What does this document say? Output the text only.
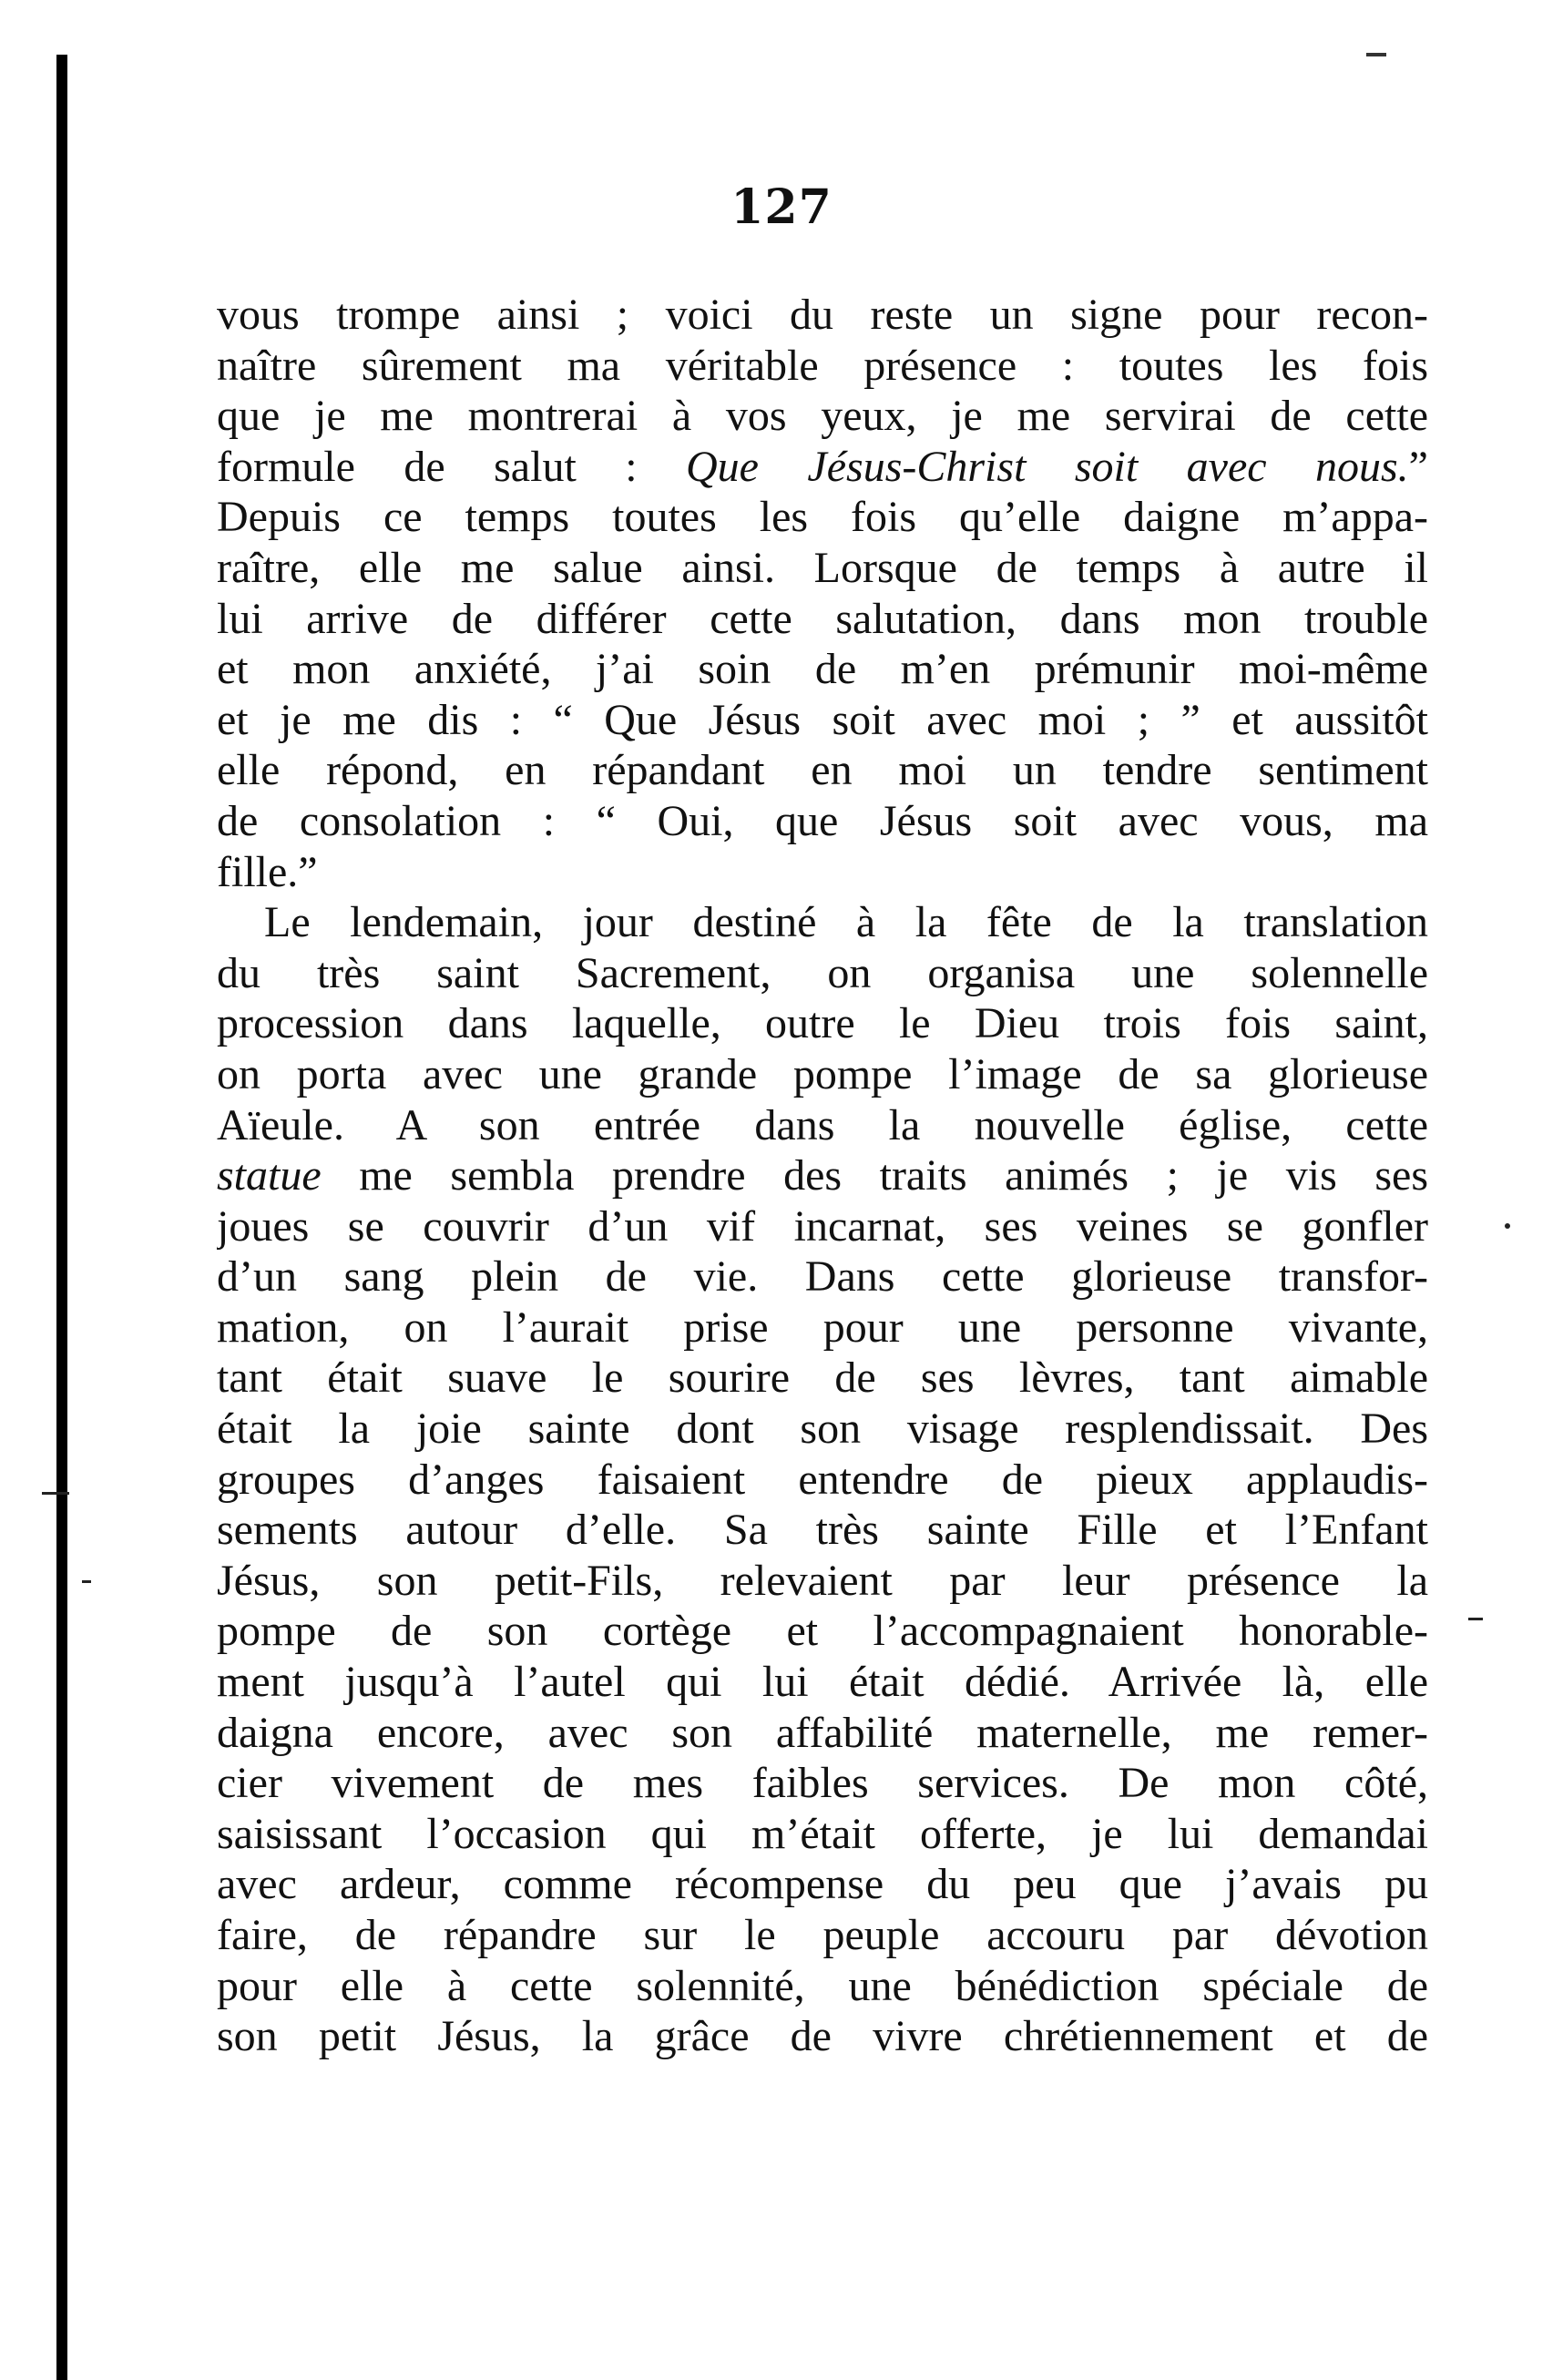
127
vous trompe ainsi ; voici du reste un signe pour recon-
naître sûrement ma véritable présence : toutes les fois
que je me montrerai à vos yeux, je me servirai de cette
formule de salut : Que Jésus-Christ soit avec nous.”
Depuis ce temps toutes les fois qu’elle daigne m’appa-
raître, elle me salue ainsi. Lorsque de temps à autre il
lui arrive de différer cette salutation, dans mon trouble
et mon anxiété, j’ai soin de m’en prémunir moi-même
et je me dis : “ Que Jésus soit avec moi ; ” et aussitôt
elle répond, en répandant en moi un tendre sentiment
de consolation : “ Oui, que Jésus soit avec vous, ma
fille.”
Le lendemain, jour destiné à la fête de la translation
du très saint Sacrement, on organisa une solennelle
procession dans laquelle, outre le Dieu trois fois saint,
on porta avec une grande pompe l’image de sa glorieuse
Aïeule. A son entrée dans la nouvelle église, cette
statue me sembla prendre des traits animés ; je vis ses
joues se couvrir d’un vif incarnat, ses veines se gonfler
d’un sang plein de vie. Dans cette glorieuse transfor-
mation, on l’aurait prise pour une personne vivante,
tant était suave le sourire de ses lèvres, tant aimable
était la joie sainte dont son visage resplendissait. Des
groupes d’anges faisaient entendre de pieux applaudis-
sements autour d’elle. Sa très sainte Fille et l’Enfant
Jésus, son petit-Fils, relevaient par leur présence la
pompe de son cortège et l’accompagnaient honorable-
ment jusqu’à l’autel qui lui était dédié. Arrivée là, elle
daigna encore, avec son affabilité maternelle, me remer-
cier vivement de mes faibles services. De mon côté,
saisissant l’occasion qui m’était offerte, je lui demandai
avec ardeur, comme récompense du peu que j’avais pu
faire, de répandre sur le peuple accouru par dévotion
pour elle à cette solennité, une bénédiction spéciale de
son petit Jésus, la grâce de vivre chrétiennement et de
